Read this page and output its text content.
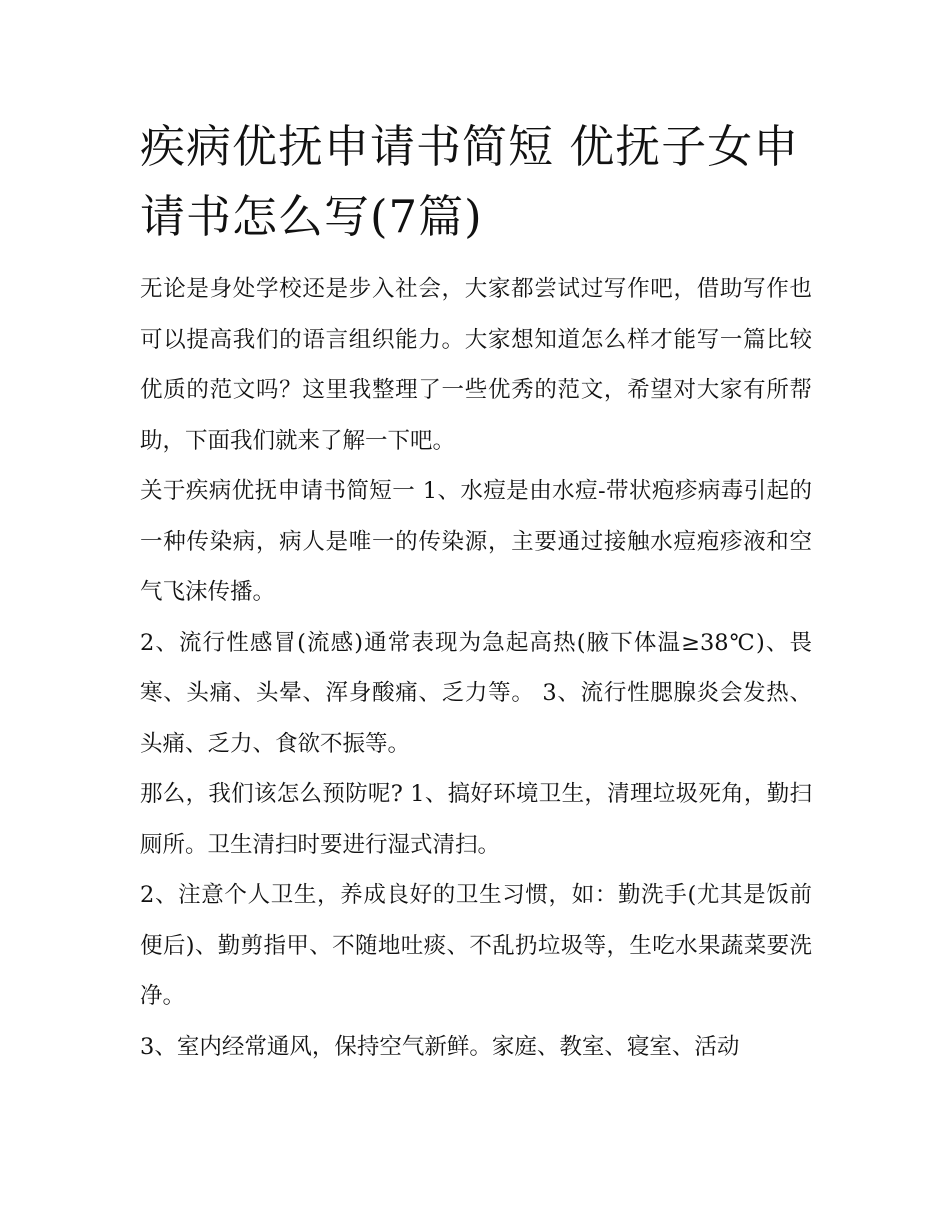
疾病优抚申请书简短 优抚子女申请书怎么写(7篇)

无论是身处学校还是步入社会，大家都尝试过写作吧，借助写作也可以提高我们的语言组织能力。大家想知道怎么样才能写一篇比较优质的范文吗？这里我整理了一些优秀的范文，希望对大家有所帮助，下面我们就来了解一下吧。

关于疾病优抚申请书简短一 1、水痘是由水痘-带状疱疹病毒引起的一种传染病，病人是唯一的传染源，主要通过接触水痘疱疹液和空气飞沫传播。

2、流行性感冒(流感)通常表现为急起高热(腋下体温≥38℃)、畏寒、头痛、头晕、浑身酸痛、乏力等。 3、流行性腮腺炎会发热、头痛、乏力、食欲不振等。

那么，我们该怎么预防呢? 1、搞好环境卫生，清理垃圾死角，勤扫厕所。卫生清扫时要进行湿式清扫。

2、注意个人卫生，养成良好的卫生习惯，如：勤洗手(尤其是饭前便后)、勤剪指甲、不随地吐痰、不乱扔垃圾等，生吃水果蔬菜要洗净。

3、室内经常通风，保持空气新鲜。家庭、教室、寝室、活动
